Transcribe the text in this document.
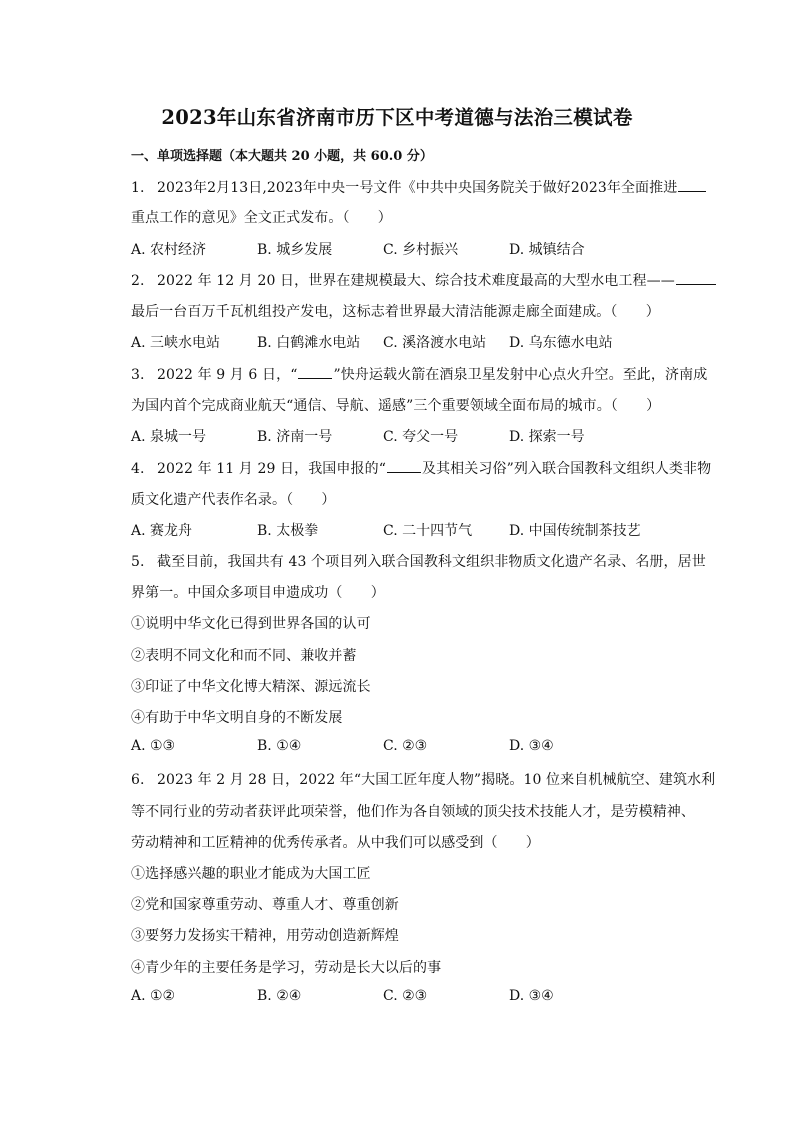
2023年山东省济南市历下区中考道德与法治三模试卷
一、单项选择题（本大题共 20 小题，共 60.0 分）
1. 2023年2月13日,2023年中央一号文件《中共中央国务院关于做好2023年全面推进
重点工作的意见》全文正式发布。（　　）
A. 农村经济	B. 城乡发展	C. 乡村振兴	D. 城镇结合
2. 2022 年 12 月 20 日，世界在建规模最大、综合技术难度最高的大型水电工程——
最后一台百万千瓦机组投产发电，这标志着世界最大清洁能源走廊全面建成。（　　）
A. 三峡水电站	B. 白鹤滩水电站 C. 溪洛渡水电站 D. 乌东德水电站
3. 2022 年 9 月 6 日，“	”快舟运载火箭在酒泉卫星发射中心点火升空。至此，济南成
为国内首个完成商业航天“通信、导航、遥感”三个重要领域全面布局的城市。（　　）
A. 泉城一号	B. 济南一号	C. 夸父一号	D. 探索一号
4. 2022 年 11 月 29 日，我国申报的“	及其相关习俗”列入联合国教科文组织人类非物
质文化遗产代表作名录。（　　）
A. 赛龙舟	B. 太极拳	C. 二十四节气	D. 中国传统制茶技艺
5. 截至目前，我国共有 43 个项目列入联合国教科文组织非物质文化遗产名录、名册，居世
界第一。中国众多项目申遗成功（　　）
①说明中华文化已得到世界各国的认可
②表明不同文化和而不同、兼收并蓄
③印证了中华文化博大精深、源远流长
④有助于中华文明自身的不断发展
A. ①③	B. ①④	C. ②③	D. ③④
6. 2023 年 2 月 28 日，2022 年“大国工匠年度人物”揭晓。10 位来自机械航空、建筑水利
等不同行业的劳动者获评此项荣誉，他们作为各自领域的顶尖技术技能人才，是劳模精神、
劳动精神和工匠精神的优秀传承者。从中我们可以感受到（　　）
①选择感兴趣的职业才能成为大国工匠
②党和国家尊重劳动、尊重人才、尊重创新
③要努力发扬实干精神，用劳动创造新辉煌
④青少年的主要任务是学习，劳动是长大以后的事
A. ①②	B. ②④	C. ②③	D. ③④
